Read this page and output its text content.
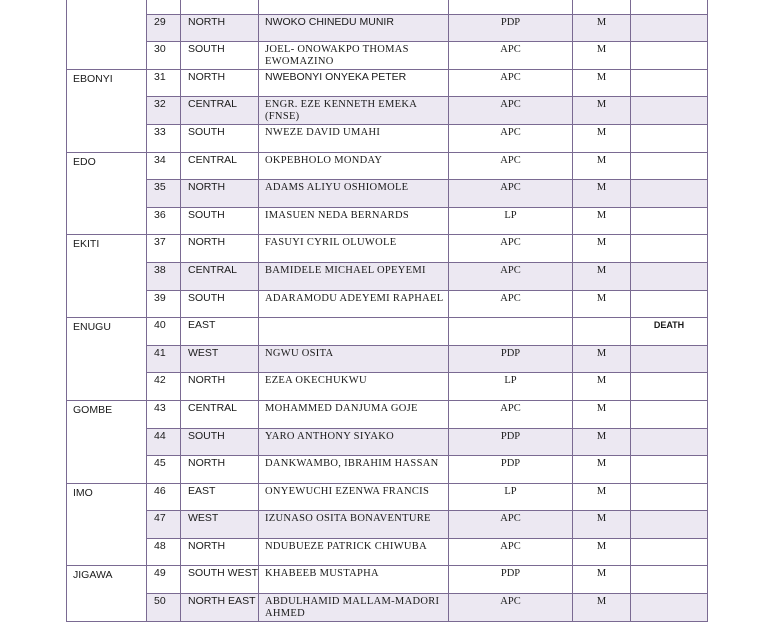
	29	NORTH	NWOKO CHINEDU MUNIR	PDP	M	
	30	SOUTH	JOEL- ONOWAKPO THOMAS EWOMAZINO	APC	M	
EBONYI	31	NORTH	NWEBONYI ONYEKA PETER	APC	M	
	32	CENTRAL	ENGR. EZE KENNETH EMEKA (FNSE)	APC	M	
	33	SOUTH	NWEZE DAVID UMAHI	APC	M	
EDO	34	CENTRAL	OKPEBHOLO MONDAY	APC	M	
	35	NORTH	ADAMS ALIYU OSHIOMOLE	APC	M	
	36	SOUTH	IMASUEN NEDA BERNARDS	LP	M	
EKITI	37	NORTH	FASUYI CYRIL OLUWOLE	APC	M	
	38	CENTRAL	BAMIDELE MICHAEL OPEYEMI	APC	M	
	39	SOUTH	ADARAMODU ADEYEMI RAPHAEL	APC	M	
ENUGU	40	EAST				DEATH
	41	WEST	NGWU OSITA	PDP	M	
	42	NORTH	EZEA OKECHUKWU	LP	M	
GOMBE	43	CENTRAL	MOHAMMED DANJUMA GOJE	APC	M	
	44	SOUTH	YARO ANTHONY SIYAKO	PDP	M	
	45	NORTH	DANKWAMBO, IBRAHIM HASSAN	PDP	M	
IMO	46	EAST	ONYEWUCHI EZENWA FRANCIS	LP	M	
	47	WEST	IZUNASO OSITA BONAVENTURE	APC	M	
	48	NORTH	NDUBUEZE PATRICK CHIWUBA	APC	M	
JIGAWA	49	SOUTH WEST	KHABEEB MUSTAPHA	PDP	M	
	50	NORTH EAST	ABDULHAMID MALLAM-MADORI AHMED	APC	M	
